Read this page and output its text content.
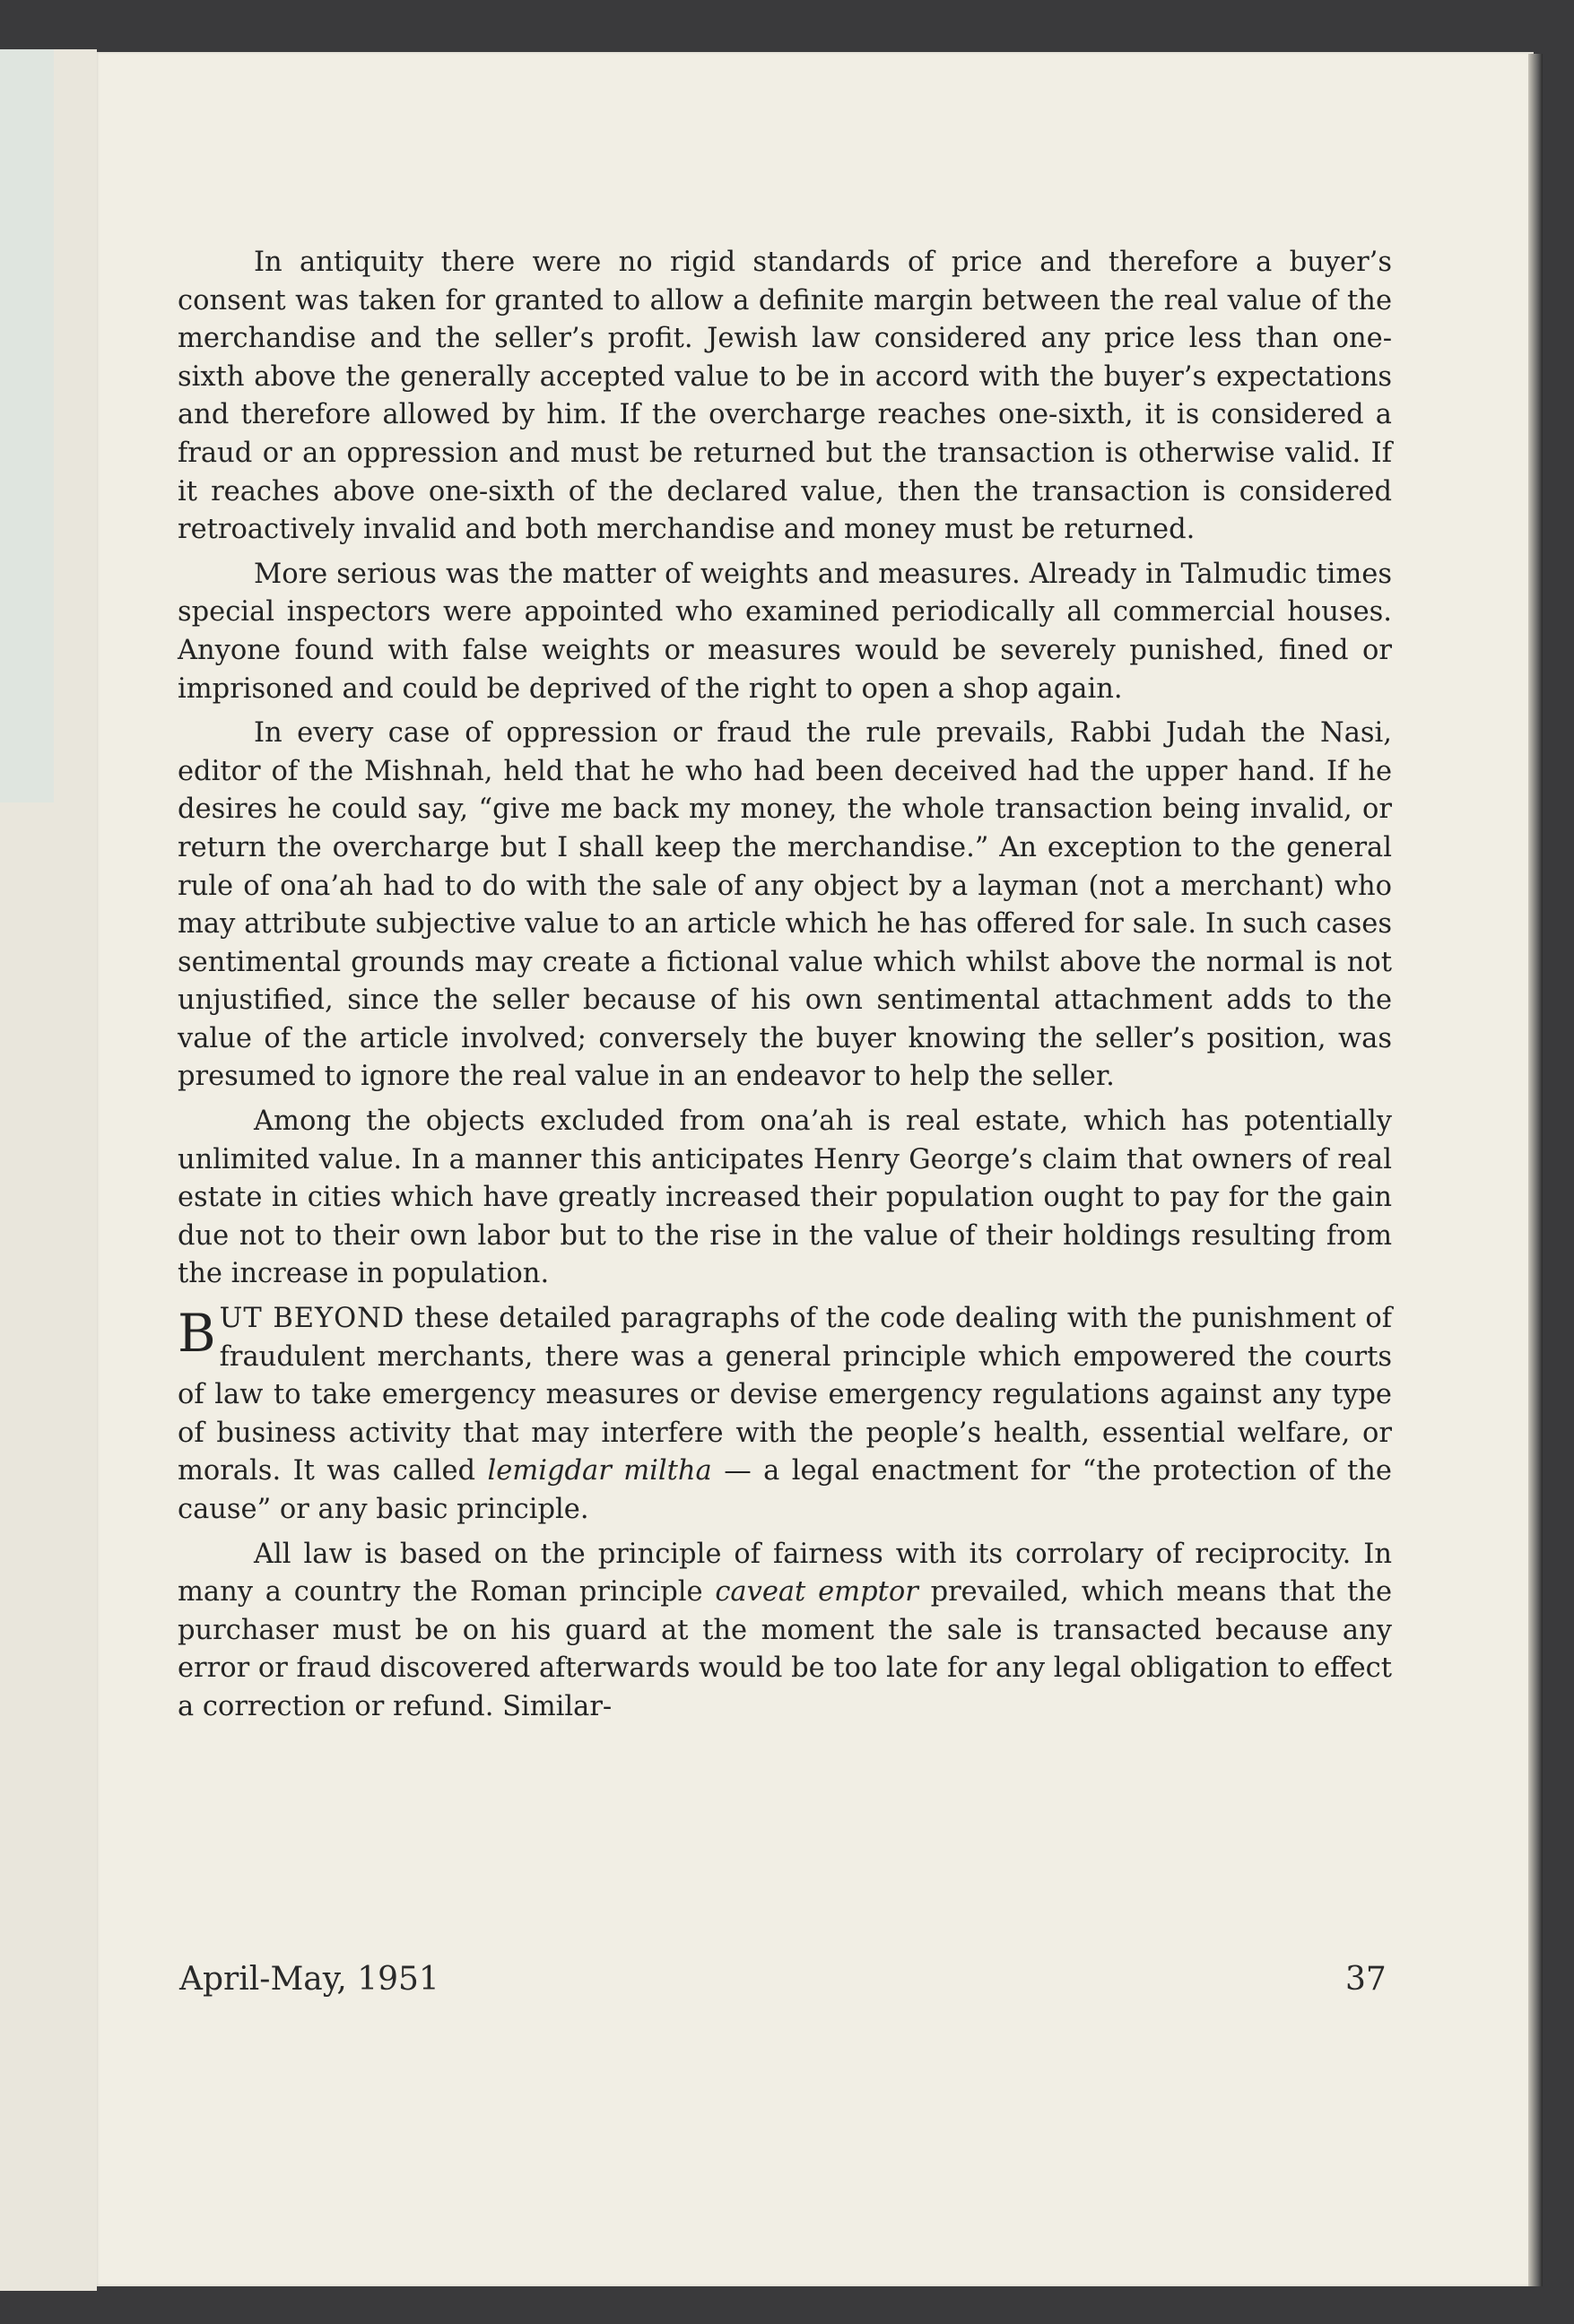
In antiquity there were no rigid standards of price and therefore a buyer’s consent was taken for granted to allow a definite margin between the real value of the merchandise and the seller’s profit. Jewish law considered any price less than one-sixth above the generally accepted value to be in accord with the buyer’s expectations and therefore allowed by him. If the overcharge reaches one-sixth, it is considered a fraud or an oppression and must be returned but the transaction is otherwise valid. If it reaches above one-sixth of the declared value, then the transaction is considered retroactively invalid and both merchandise and money must be returned.

More serious was the matter of weights and measures. Already in Talmudic times special inspectors were appointed who examined periodically all commercial houses. Anyone found with false weights or measures would be severely punished, fined or imprisoned and could be deprived of the right to open a shop again.

In every case of oppression or fraud the rule prevails, Rabbi Judah the Nasi, editor of the Mishnah, held that he who had been deceived had the upper hand. If he desires he could say, “give me back my money, the whole transaction being invalid, or return the overcharge but I shall keep the merchandise.” An exception to the general rule of ona’ah had to do with the sale of any object by a layman (not a merchant) who may attribute subjective value to an article which he has offered for sale. In such cases sentimental grounds may create a fictional value which whilst above the normal is not unjustified, since the seller because of his own sentimental attachment adds to the value of the article involved; conversely the buyer knowing the seller’s position, was presumed to ignore the real value in an endeavor to help the seller.

Among the objects excluded from ona’ah is real estate, which has potentially unlimited value. In a manner this anticipates Henry George’s claim that owners of real estate in cities which have greatly increased their population ought to pay for the gain due not to their own labor but to the rise in the value of their holdings resulting from the increase in population.

BUT BEYOND these detailed paragraphs of the code dealing with the punishment of fraudulent merchants, there was a general principle which empowered the courts of law to take emergency measures or devise emergency regulations against any type of business activity that may interfere with the people’s health, essential welfare, or morals. It was called lemigdar miltha — a legal enactment for “the protection of the cause” or any basic principle.

All law is based on the principle of fairness with its corrolary of reciprocity. In many a country the Roman principle caveat emptor prevailed, which means that the purchaser must be on his guard at the moment the sale is transacted because any error or fraud discovered afterwards would be too late for any legal obligation to effect a correction or refund. Similar-

April-May, 1951	37
